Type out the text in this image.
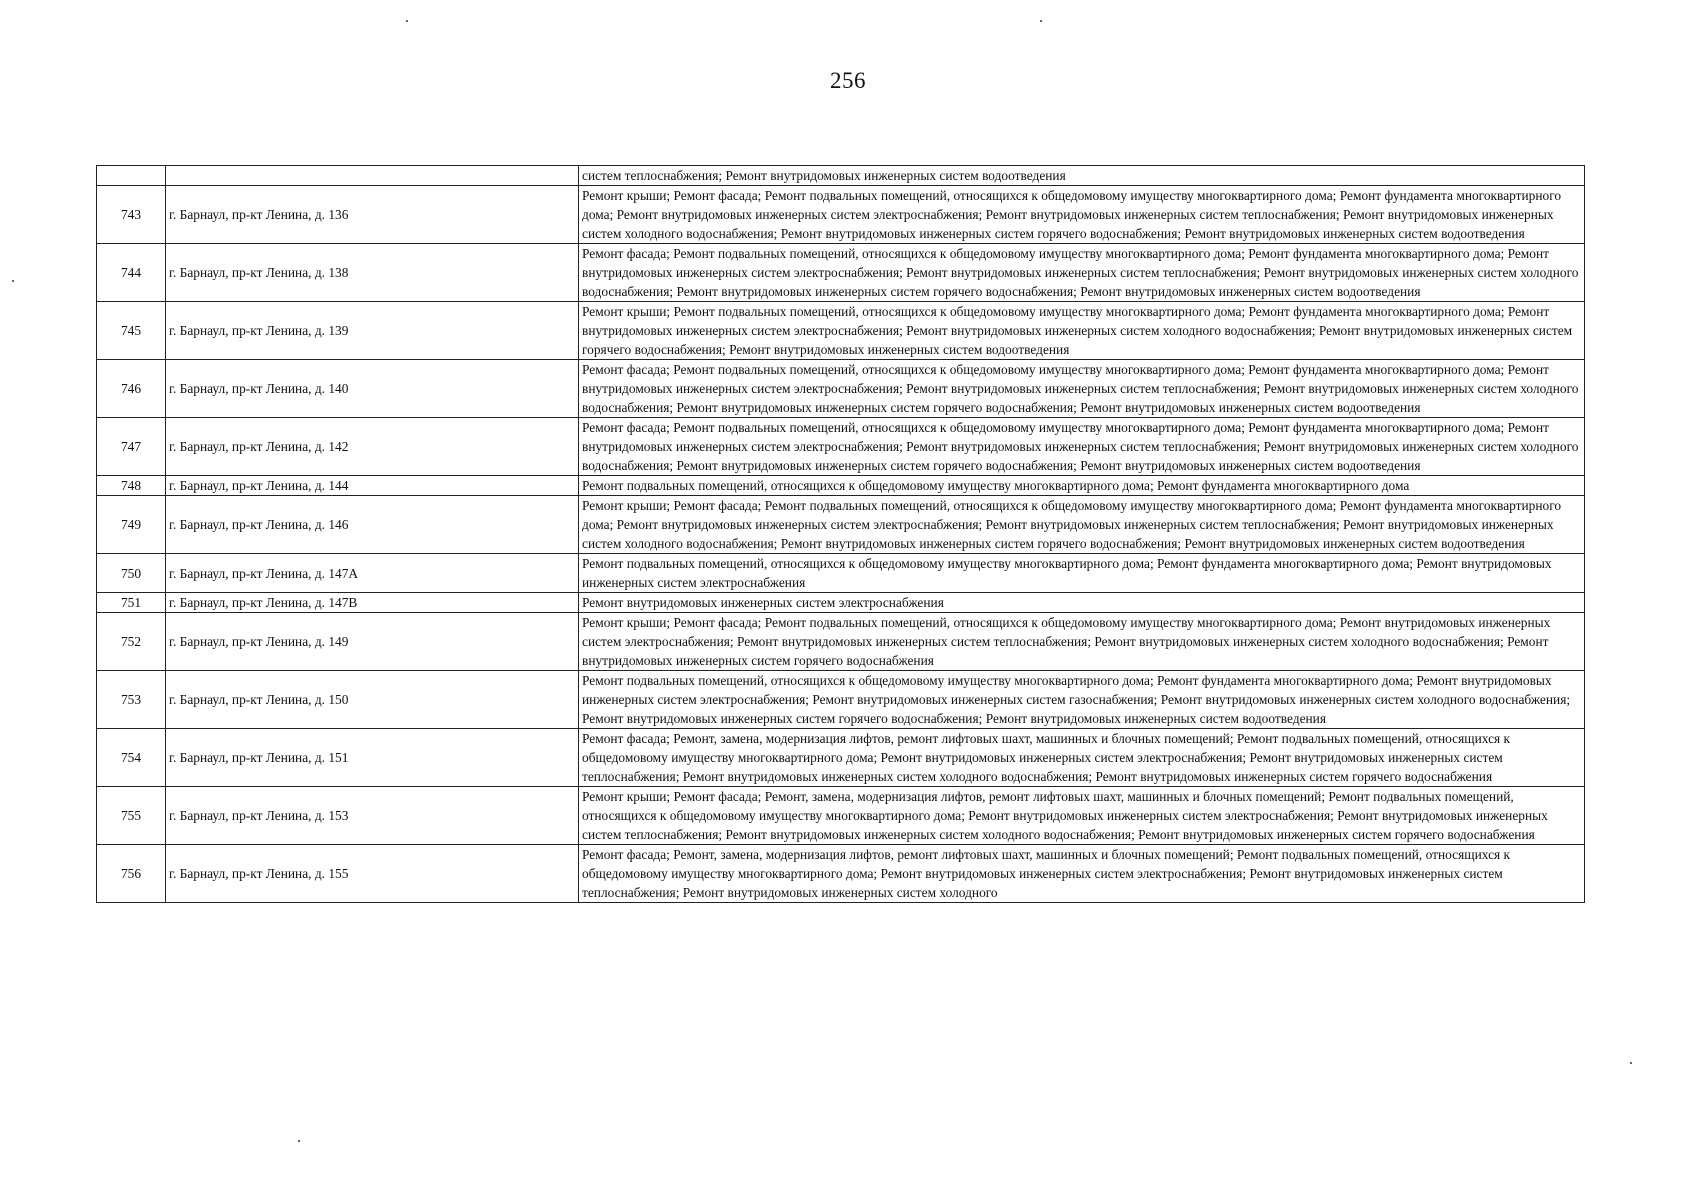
256
		систем теплоснабжения; Ремонт внутридомовых инженерных систем водоотведения
743	г. Барнаул, пр-кт Ленина, д. 136	Ремонт крыши; Ремонт фасада; Ремонт подвальных помещений, относящихся к общедомовому имуществу многоквартирного дома; Ремонт фундамента многоквартирного дома; Ремонт внутридомовых инженерных систем электроснабжения; Ремонт внутридомовых инженерных систем теплоснабжения; Ремонт внутридомовых инженерных систем холодного водоснабжения; Ремонт внутридомовых инженерных систем горячего водоснабжения; Ремонт внутридомовых инженерных систем водоотведения
744	г. Барнаул, пр-кт Ленина, д. 138	Ремонт фасада; Ремонт подвальных помещений, относящихся к общедомовому имуществу многоквартирного дома; Ремонт фундамента многоквартирного дома; Ремонт внутридомовых инженерных систем электроснабжения; Ремонт внутридомовых инженерных систем теплоснабжения; Ремонт внутридомовых инженерных систем холодного водоснабжения; Ремонт внутридомовых инженерных систем горячего водоснабжения; Ремонт внутридомовых инженерных систем водоотведения
745	г. Барнаул, пр-кт Ленина, д. 139	Ремонт крыши; Ремонт подвальных помещений, относящихся к общедомовому имуществу многоквартирного дома; Ремонт фундамента многоквартирного дома; Ремонт внутридомовых инженерных систем электроснабжения; Ремонт внутридомовых инженерных систем холодного водоснабжения; Ремонт внутридомовых инженерных систем горячего водоснабжения; Ремонт внутридомовых инженерных систем водоотведения
746	г. Барнаул, пр-кт Ленина, д. 140	Ремонт фасада; Ремонт подвальных помещений, относящихся к общедомовому имуществу многоквартирного дома; Ремонт фундамента многоквартирного дома; Ремонт внутридомовых инженерных систем электроснабжения; Ремонт внутридомовых инженерных систем теплоснабжения; Ремонт внутридомовых инженерных систем холодного водоснабжения; Ремонт внутридомовых инженерных систем горячего водоснабжения; Ремонт внутридомовых инженерных систем водоотведения
747	г. Барнаул, пр-кт Ленина, д. 142	Ремонт фасада; Ремонт подвальных помещений, относящихся к общедомовому имуществу многоквартирного дома; Ремонт фундамента многоквартирного дома; Ремонт внутридомовых инженерных систем электроснабжения; Ремонт внутридомовых инженерных систем теплоснабжения; Ремонт внутридомовых инженерных систем холодного водоснабжения; Ремонт внутридомовых инженерных систем горячего водоснабжения; Ремонт внутридомовых инженерных систем водоотведения
748	г. Барнаул, пр-кт Ленина, д. 144	Ремонт подвальных помещений, относящихся к общедомовому имуществу многоквартирного дома; Ремонт фундамента многоквартирного дома
749	г. Барнаул, пр-кт Ленина, д. 146	Ремонт крыши; Ремонт фасада; Ремонт подвальных помещений, относящихся к общедомовому имуществу многоквартирного дома; Ремонт фундамента многоквартирного дома; Ремонт внутридомовых инженерных систем электроснабжения; Ремонт внутридомовых инженерных систем теплоснабжения; Ремонт внутридомовых инженерных систем холодного водоснабжения; Ремонт внутридомовых инженерных систем горячего водоснабжения; Ремонт внутридомовых инженерных систем водоотведения
750	г. Барнаул, пр-кт Ленина, д. 147А	Ремонт подвальных помещений, относящихся к общедомовому имуществу многоквартирного дома; Ремонт фундамента многоквартирного дома; Ремонт внутридомовых инженерных систем электроснабжения
751	г. Барнаул, пр-кт Ленина, д. 147В	Ремонт внутридомовых инженерных систем электроснабжения
752	г. Барнаул, пр-кт Ленина, д. 149	Ремонт крыши; Ремонт фасада; Ремонт подвальных помещений, относящихся к общедомовому имуществу многоквартирного дома; Ремонт внутридомовых инженерных систем электроснабжения; Ремонт внутридомовых инженерных систем теплоснабжения; Ремонт внутридомовых инженерных систем холодного водоснабжения; Ремонт внутридомовых инженерных систем горячего водоснабжения
753	г. Барнаул, пр-кт Ленина, д. 150	Ремонт подвальных помещений, относящихся к общедомовому имуществу многоквартирного дома; Ремонт фундамента многоквартирного дома; Ремонт внутридомовых инженерных систем электроснабжения; Ремонт внутридомовых инженерных систем газоснабжения; Ремонт внутридомовых инженерных систем холодного водоснабжения; Ремонт внутридомовых инженерных систем горячего водоснабжения; Ремонт внутридомовых инженерных систем водоотведения
754	г. Барнаул, пр-кт Ленина, д. 151	Ремонт фасада; Ремонт, замена, модернизация лифтов, ремонт лифтовых шахт, машинных и блочных помещений; Ремонт подвальных помещений, относящихся к общедомовому имуществу многоквартирного дома; Ремонт внутридомовых инженерных систем электроснабжения; Ремонт внутридомовых инженерных систем теплоснабжения; Ремонт внутридомовых инженерных систем холодного водоснабжения; Ремонт внутридомовых инженерных систем горячего водоснабжения
755	г. Барнаул, пр-кт Ленина, д. 153	Ремонт крыши; Ремонт фасада; Ремонт, замена, модернизация лифтов, ремонт лифтовых шахт, машинных и блочных помещений; Ремонт подвальных помещений, относящихся к общедомовому имуществу многоквартирного дома; Ремонт внутридомовых инженерных систем электроснабжения; Ремонт внутридомовых инженерных систем теплоснабжения; Ремонт внутридомовых инженерных систем холодного водоснабжения; Ремонт внутридомовых инженерных систем горячего водоснабжения
756	г. Барнаул, пр-кт Ленина, д. 155	Ремонт фасада; Ремонт, замена, модернизация лифтов, ремонт лифтовых шахт, машинных и блочных помещений; Ремонт подвальных помещений, относящихся к общедомовому имуществу многоквартирного дома; Ремонт внутридомовых инженерных систем электроснабжения; Ремонт внутридомовых инженерных систем теплоснабжения; Ремонт внутридомовых инженерных систем холодного
